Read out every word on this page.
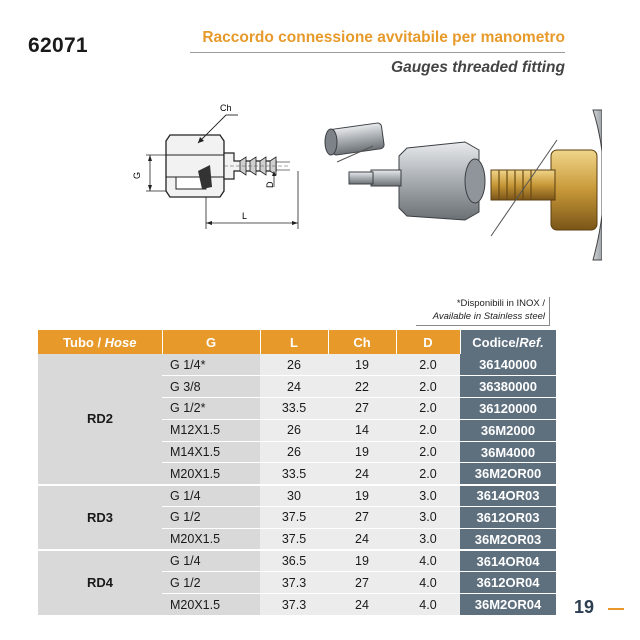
62071	Raccordo connessione avvitabile per manometro
Gauges threaded fitting
Ch
G
D
L
*Disponibili in INOX /
Available in Stainless steel
Tubo / Hose	G	L	Ch	D	Codice/Ref.
RD2	G 1/4*	26	19	2.0	36140000
	G 3/8	24	22	2.0	36380000
	G 1/2*	33.5	27	2.0	36120000
	M12X1.5	26	14	2.0	36M2000
	M14X1.5	26	19	2.0	36M4000
	M20X1.5	33.5	24	2.0	36M2OR00
RD3	G 1/4	30	19	3.0	3614OR03
	G 1/2	37.5	27	3.0	3612OR03
	M20X1.5	37.5	24	3.0	36M2OR03
RD4	G 1/4	36.5	19	4.0	3614OR04
	G 1/2	37.3	27	4.0	3612OR04
	M20X1.5	37.3	24	4.0	36M2OR04 19
